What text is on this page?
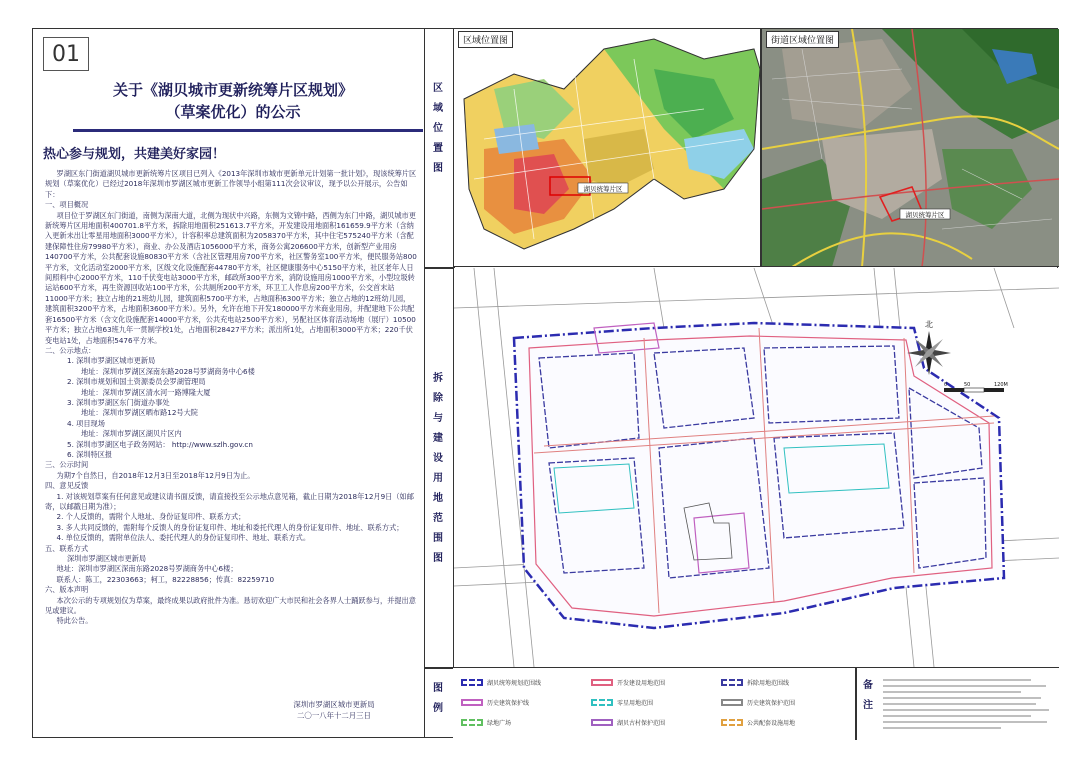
01
关于《湖贝城市更新统筹片区规划》
（草案优化）的公示
热心参与规划，共建美好家园！

罗湖区东门街道湖贝城市更新统筹片区项目已列入《2013年深圳市城市更新单元计划第一批计划》，现该统筹片区规划（草案优化）已经过2018年深圳市罗湖区城市更新工作领导小组第111次会议审议，现予以公开展示，公告如下：

一、项目概况

项目位于罗湖区东门街道，南侧为深南大道，北侧为现状中兴路，东侧为文锦中路，西侧为东门中路，湖贝城市更新统筹片区用地面积400701.8平方米，拆除用地面积251613.7平方米，开发建设用地面积161659.9平方米（含纳入更新未出让零星用地面积3000平方米），计容积率总建筑面积为2058370平方米，其中住宅575240平方米（含配建保障性住房79980平方米），商业、办公及酒店1056000平方米，商务公寓206600平方米，创新型产业用房140700平方米，公共配套设施80830平方米（含社区管理用房700平方米，社区警务室100平方米，便民服务站800平方米，文化活动室2000平方米，区级文化设施配套44780平方米，社区健康服务中心5150平方米，社区老年人日间照料中心2000平方米，110千伏变电站3000平方米，邮政所300平方米，消防设施用房1000平方米，小型垃圾转运站600平方米，再生资源回收站100平方米，公共厕所200平方米，环卫工人作息房200平方米，公交首末站11000平方米；独立占地的21班幼儿园，建筑面积5700平方米，占地面积6300平方米；独立占地的12班幼儿园，建筑面积3200平方米，占地面积3600平方米）。另外，允许在地下开发180000平方米商业用房，并配建地下公共配套16500平方米（含文化设施配套14000平方米，公共充电站2500平方米），另配社区体育活动场地（展厅）10500平方米；独立占地63班九年一贯制学校1处，占地面积28427平方米；派出所1处，占地面积3000平方米；220千伏变电站1处，占地面积5476平方米。

二、公示地点：

1. 深圳市罗湖区城市更新局

地址：深圳市罗湖区深南东路2028号罗湖商务中心6楼

2. 深圳市规划和国土资源委员会罗湖管理局

地址：深圳市罗湖区清水河一路博隆大厦

3. 深圳市罗湖区东门街道办事处

地址：深圳市罗湖区晒布路12号大院

4. 项目现场

地址：深圳市罗湖区湖贝片区内

5. 深圳市罗湖区电子政务网站： http://www.szlh.gov.cn

6. 深圳特区报

三、公示时间

为期7个自然日，自2018年12月3日至2018年12月9日为止。

四、意见反馈

1. 对该规划草案有任何意见或建议请书面反馈，请直接投至公示地点意见箱，截止日期为2018年12月9日（如邮寄，以邮戳日期为准）；

2. 个人反馈的，需附个人地址、身份证复印件、联系方式；

3. 多人共同反馈的，需附每个反馈人的身份证复印件、地址和委托代理人的身份证复印件、地址、联系方式；

4. 单位反馈的，需附单位法人、委托代理人的身份证复印件、地址、联系方式。

五、联系方式

深圳市罗湖区城市更新局

地址：深圳市罗湖区深南东路2028号罗湖商务中心6楼；

联系人：陈工，22303663；柯工，82228856；传真：82259710

六、版本声明

本次公示的专项规划仅为草案，最终成果以政府批件为准。恳切欢迎广大市民和社会各界人士踊跃参与，并提出意见或建议。

特此公告。

深圳市罗湖区城市更新局
二〇一八年十二月三日
区域位置图
拆除与建设用地范围图
图例
湖贝统筹片区
区域位置图
湖贝统筹片区
街道区域位置图
北
0	50	120M
湖贝统筹规划范围线	开发建设用地范围	拆除用地范围线
历史建筑保护线	零星用地范围	历史建筑保护范围
绿地广场	湖贝古村保护范围	公共配套设施用地
备注
